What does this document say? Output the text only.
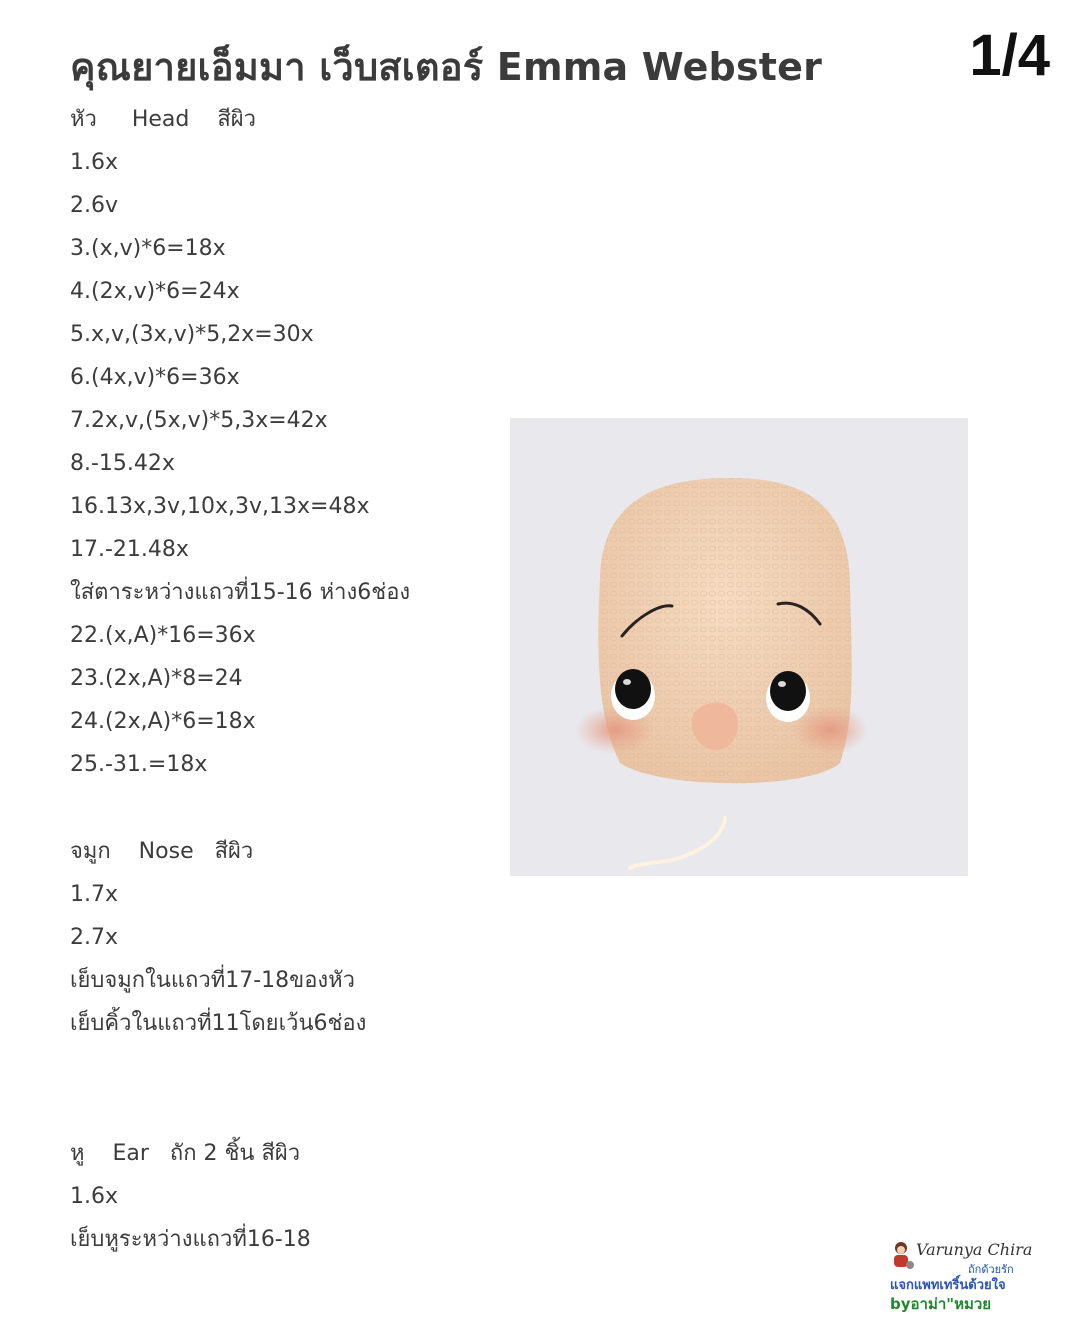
คุณยายเอ็มมา เว็บสเตอร์ Emma Webster	1/4
หัว     Head    สีผิว
1.6x
2.6v
3.(x,v)*6=18x
4.(2x,v)*6=24x
5.x,v,(3x,v)*5,2x=30x
6.(4x,v)*6=36x
7.2x,v,(5x,v)*5,3x=42x
8.-15.42x
16.13x,3v,10x,3v,13x=48x
17.-21.48x
ใส่ตาระหว่างแถวที่15-16 ห่าง6ช่อง
22.(x,A)*16=36x
23.(2x,A)*8=24
24.(2x,A)*6=18x
25.-31.=18x
จมูก    Nose   สีผิว
1.7x
2.7x
เย็บจมูกในแถวที่17-18ของหัว
เย็บคิ้วในแถวที่11โดยเว้น6ช่อง
หู    Ear   ถัก 2 ชิ้น สีผิว
1.6x
เย็บหูระหว่างแถวที่16-18	Varunya Chira
ถักด้วยรัก
แจกแพทเทริ์นด้วยใจ
byอาม่า"หมวย
